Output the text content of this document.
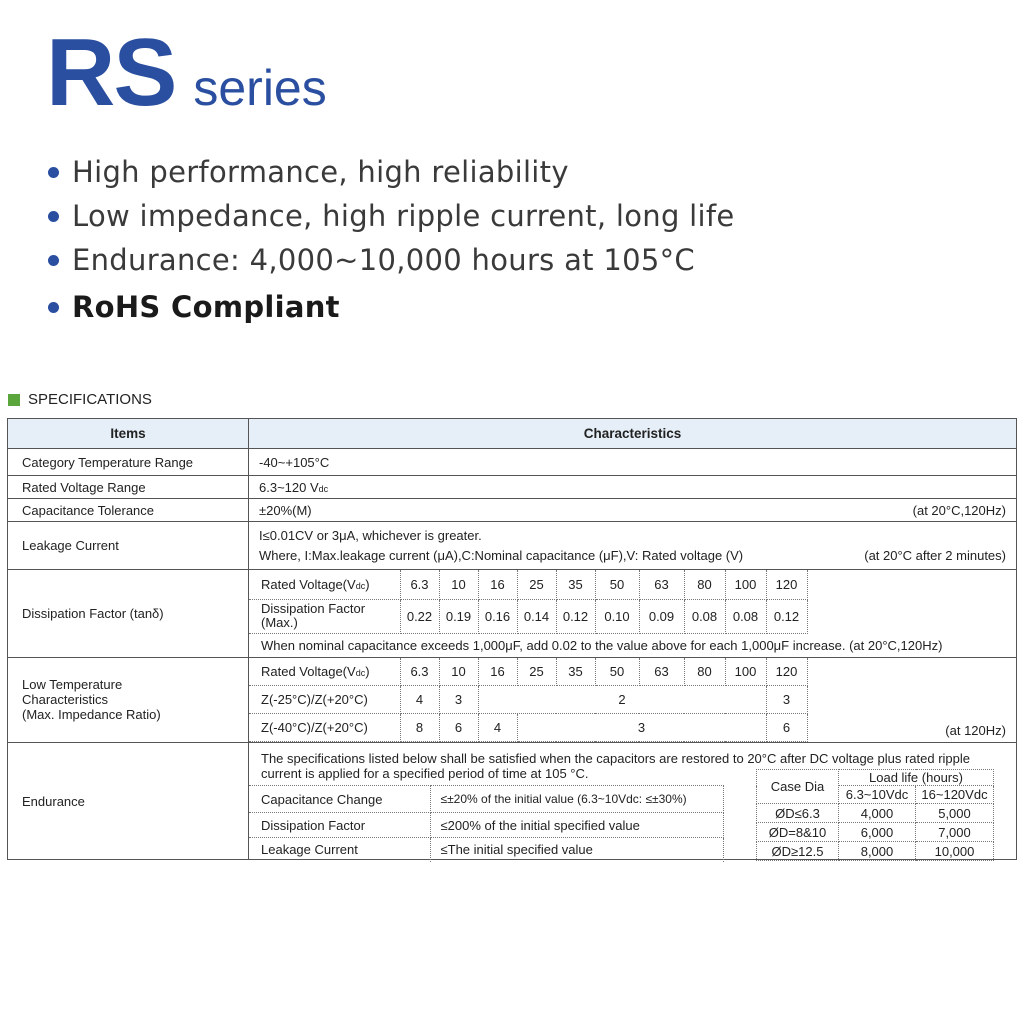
RS series
High performance, high reliability
Low impedance, high ripple current, long life
Endurance: 4,000~10,000 hours at 105°C
RoHS Compliant
SPECIFICATIONS
Items	Characteristics
Category Temperature Range	-40~+105°C
Rated Voltage Range	6.3~120 Vdc
Capacitance Tolerance	±20%(M)	(at 20°C,120Hz)

Leakage Current	
I≤0.01CV or 3μA, whichever is greater.
Where, I:Max.leakage current (μA),C:Nominal capacitance (μF),V: Rated voltage (V)	(at 20°C after 2 minutes)

Dissipation Factor (tanδ)	
Rated Voltage(Vdc)	6.3	10	16	25	35	50	63	80	100	120
Dissipation Factor (Max.)	0.22	0.19	0.16	0.14	0.12	0.10	0.09	0.08	0.08	0.12
When nominal capacitance exceeds 1,000μF, add 0.02 to the value above for each 1,000μF increase. (at 20°C,120Hz)

Low Temperature
Characteristics
(Max. Impedance Ratio)

Rated Voltage(Vdc)	6.3	10	16	25	35	50	63	80	100	120
Z(-25°C)/Z(+20°C)	4	3	2	3
Z(-40°C)/Z(+20°C)	8	6	4	3	6	(at 120Hz)

Endurance	
The specifications listed below shall be satisfied when the capacitors are restored to 20°C after DC voltage plus rated ripple current is applied for a specified period of time at 105 °C.
Capacitance Change	≤±20% of the initial value (6.3~10Vdc: ≤±30%)
Dissipation Factor	≤200% of the initial specified value
Leakage Current	≤The initial specified value
Case Dia	Load life (hours)
6.3~10Vdc	16~120Vdc
ØD≤6.3	4,000	5,000
ØD=8&10	6,000	7,000
ØD≥12.5	8,000	10,000
